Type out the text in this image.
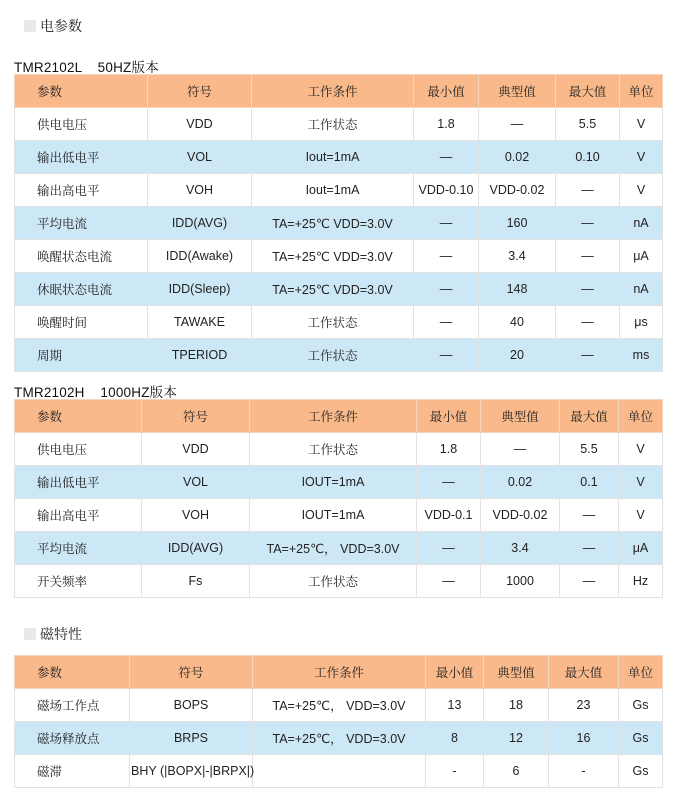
电参数
TMR2102L    50HZ版本
参数	符号	工作条件	最小值	典型值	最大值	单位
供电电压	VDD	工作状态	1.8	—	5.5	V
输出低电平	VOL	Iout=1mA	—	0.02	0.10	V
输出高电平	VOH	Iout=1mA	VDD-0.10	VDD-0.02	—	V
平均电流	IDD(AVG)	TA=+25℃ VDD=3.0V	—	160	—	nA
唤醒状态电流	IDD(Awake)	TA=+25℃ VDD=3.0V	—	3.4	—	μA
休眠状态电流	IDD(Sleep)	TA=+25℃ VDD=3.0V	—	148	—	nA
唤醒时间	TAWAKE	工作状态	—	40	—	μs
周期	TPERIOD	工作状态	—	20	—	ms
TMR2102H    1000HZ版本
参数	符号	工作条件	最小值	典型值	最大值	单位
供电电压	VDD	工作状态	1.8	—	5.5	V
输出低电平	VOL	IOUT=1mA	—	0.02	0.1	V
输出高电平	VOH	IOUT=1mA	VDD-0.1	VDD-0.02	—	V
平均电流	IDD(AVG)	TA=+25℃， VDD=3.0V	—	3.4	—	μA
开关频率	Fs	工作状态	—	1000	—	Hz
磁特性
参数	符号	工作条件	最小值	典型值	最大值	单位
磁场工作点	BOPS	TA=+25℃， VDD=3.0V	13	18	23	Gs
磁场释放点	BRPS	TA=+25℃， VDD=3.0V	8	12	16	Gs
磁滞	BHY (|BOPX|-|BRPX|)		-	6	-	Gs
